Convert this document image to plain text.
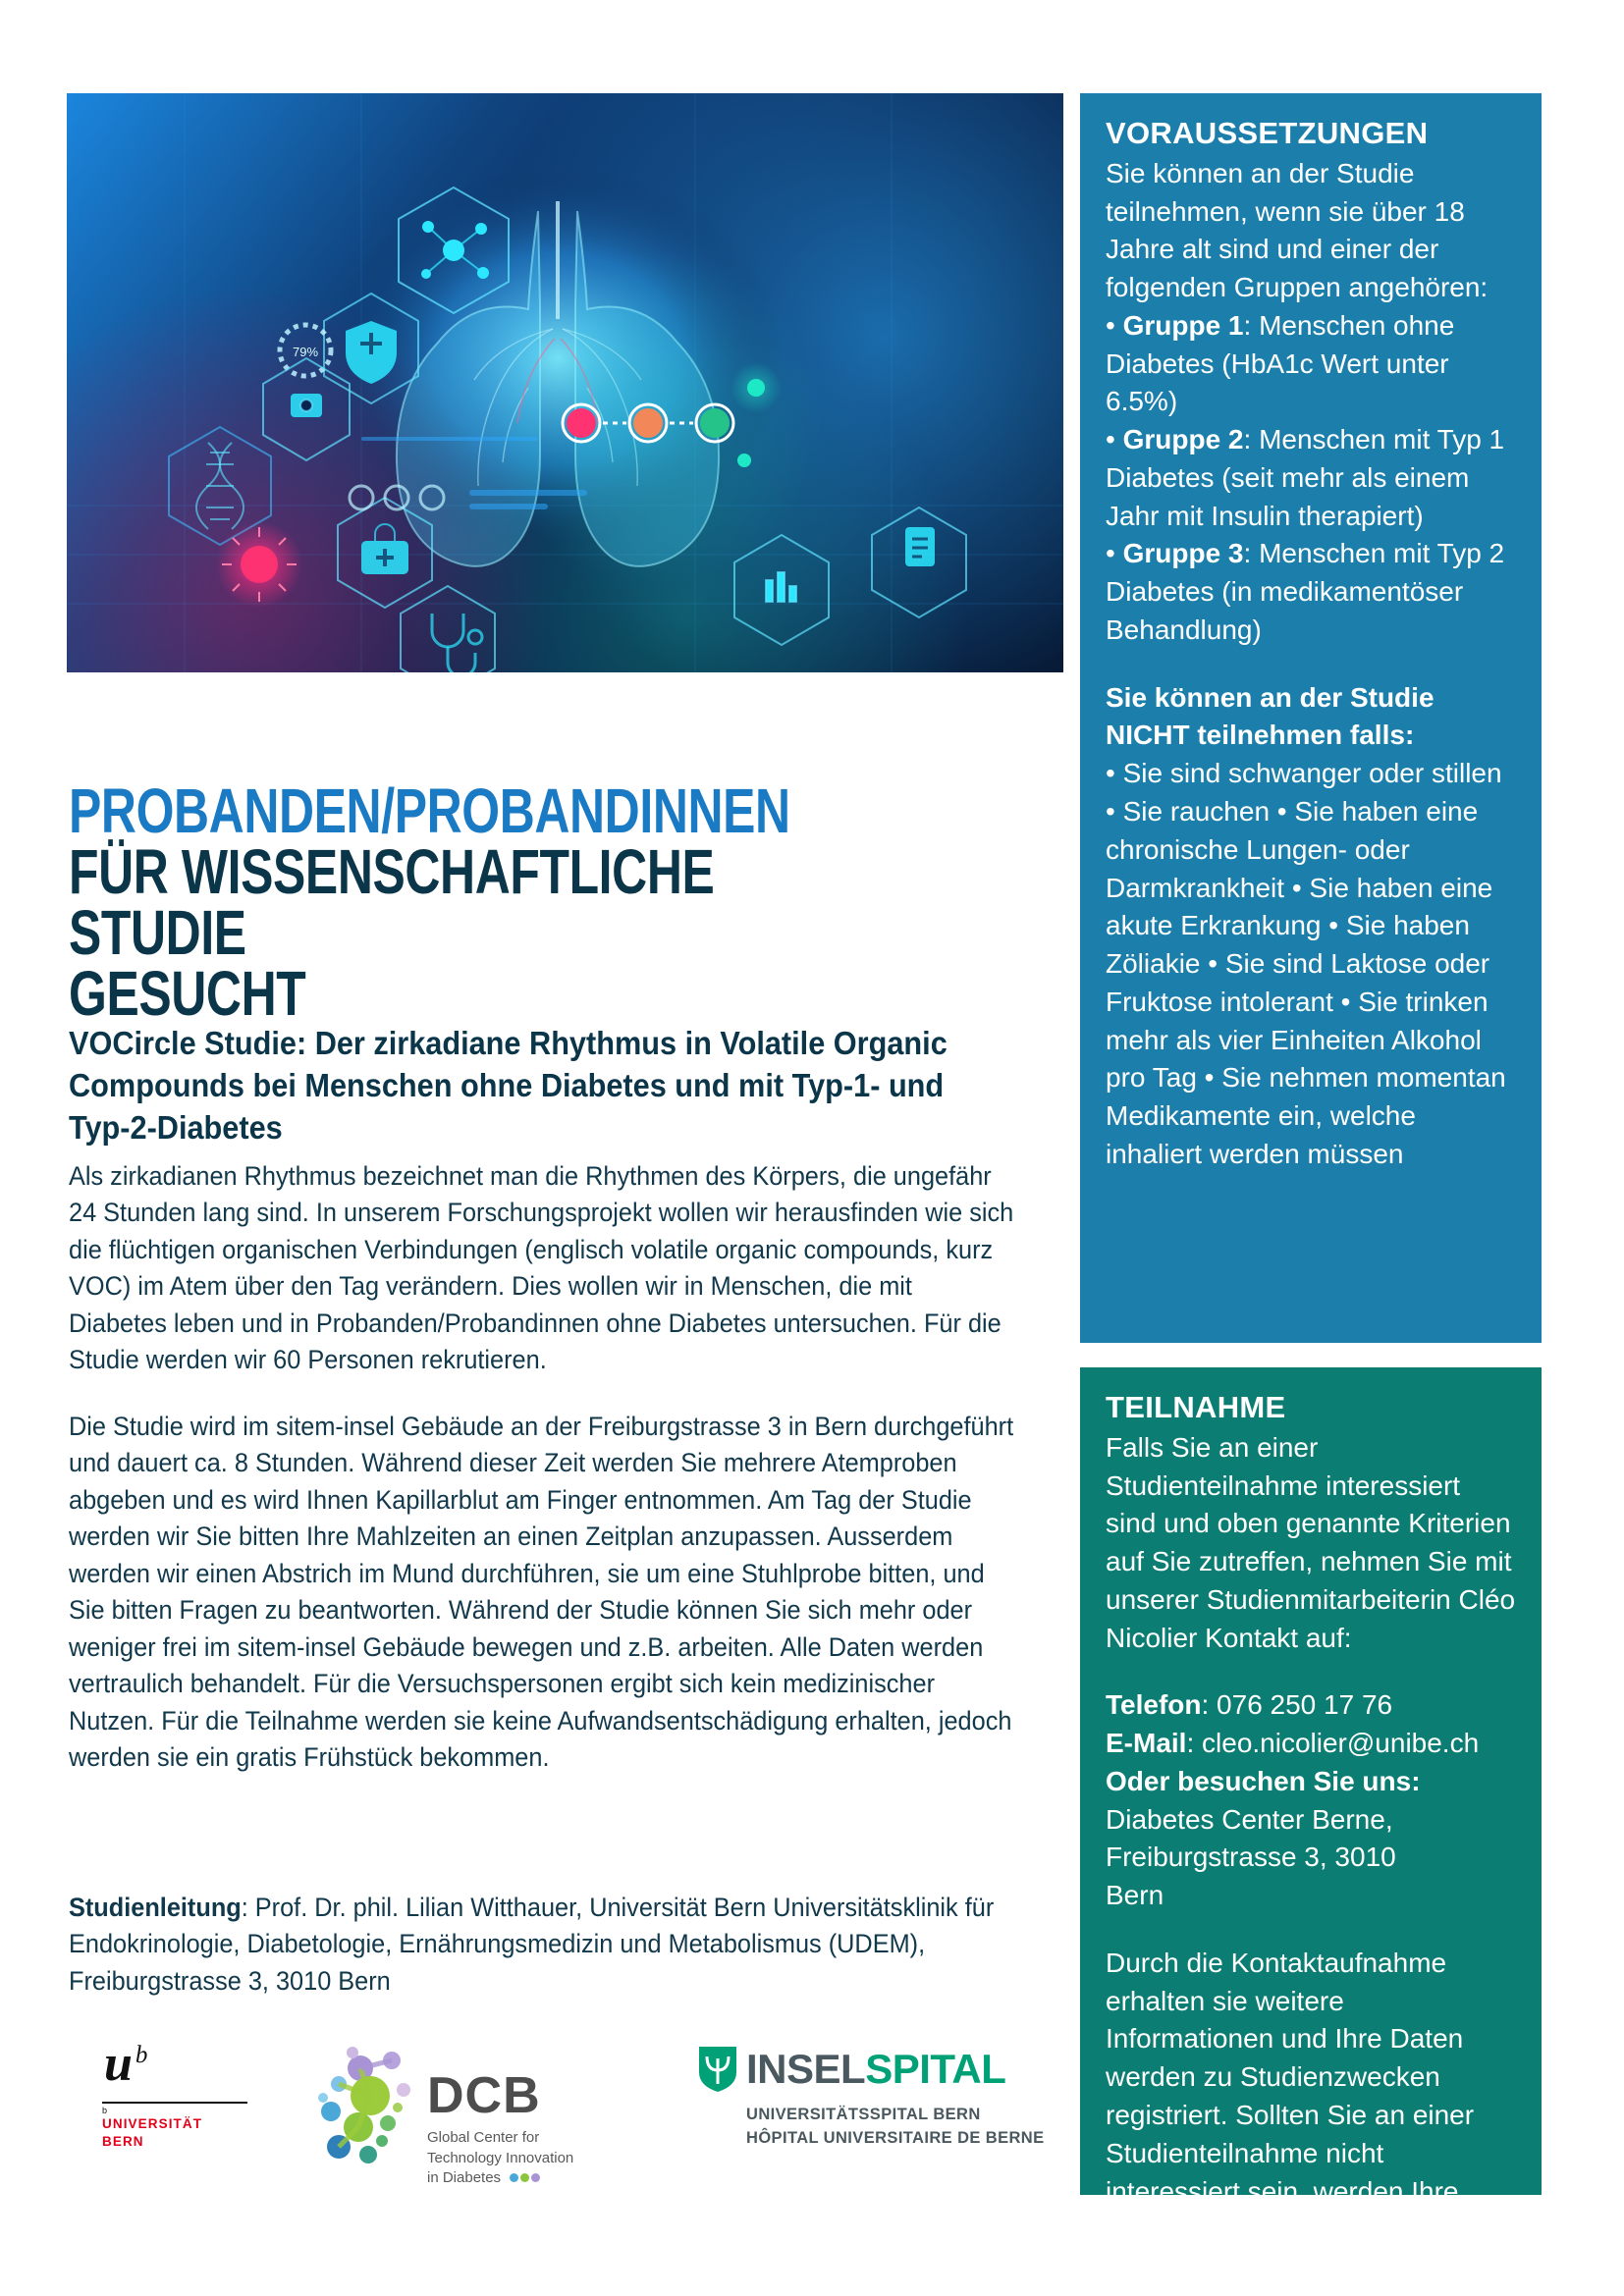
79%
PROBANDEN/PROBANDINNEN
FÜR WISSENSCHAFTLICHE STUDIE
GESUCHT
VOCircle Studie: Der zirkadiane Rhythmus in Volatile Organic Compounds bei Menschen ohne Diabetes und mit Typ-1- und Typ-2-Diabetes

Als zirkadianen Rhythmus bezeichnet man die Rhythmen des Körpers, die ungefähr 24 Stunden lang sind. In unserem Forschungsprojekt wollen wir herausfinden wie sich die flüchtigen organischen Verbindungen (englisch volatile organic compounds, kurz VOC) im Atem über den Tag verändern. Dies wollen wir in Menschen, die mit Diabetes leben und in Probanden/Probandinnen ohne Diabetes untersuchen. Für die Studie werden wir 60 Personen rekrutieren.

Die Studie wird im sitem-insel Gebäude an der Freiburgstrasse 3 in Bern durchgeführt und dauert ca. 8 Stunden. Während dieser Zeit werden Sie mehrere Atemproben abgeben und es wird Ihnen Kapillarblut am Finger entnommen. Am Tag der Studie werden wir Sie bitten Ihre Mahlzeiten an einen Zeitplan anzupassen. Ausserdem werden wir einen Abstrich im Mund durchführen, sie um eine Stuhlprobe bitten, und Sie bitten Fragen zu beantworten. Während der Studie können Sie sich mehr oder weniger frei im sitem-insel Gebäude bewegen und z.B. arbeiten. Alle Daten werden vertraulich behandelt. Für die Versuchspersonen ergibt sich kein medizinischer Nutzen. Für die Teilnahme werden sie keine Aufwandsentschädigung erhalten, jedoch werden sie ein gratis Frühstück bekommen.

Studienleitung: Prof. Dr. phil. Lilian Witthauer, Universität Bern Universitätsklinik für Endokrinologie, Diabetologie, Ernährungsmedizin und Metabolismus (UDEM), Freiburgstrasse 3, 3010 Bern
u $^b$
b
UNIVERSITÄT
BERN
DCB
Global Center for
Technology Innovation
in Diabetes
INSELSPITAL
UNIVERSITÄTSSPITAL BERN
HÔPITAL UNIVERSITAIRE DE BERNE
VORAUSSETZUNGEN

Sie können an der Studie teilnehmen, wenn sie über 18 Jahre alt sind und einer der folgenden Gruppen angehören:

• Gruppe 1: Menschen ohne Diabetes (HbA1c Wert unter 6.5%)
• Gruppe 2: Menschen mit Typ 1 Diabetes (seit mehr als einem Jahr mit Insulin therapiert)
• Gruppe 3: Menschen mit Typ 2 Diabetes (in medikamentöser Behandlung)

Sie können an der Studie NICHT teilnehmen falls:

• Sie sind schwanger oder stillen • Sie rauchen • Sie haben eine chronische Lungen- oder Darmkrankheit • Sie haben eine akute Erkrankung • Sie haben Zöliakie • Sie sind Laktose oder Fruktose intolerant • Sie trinken mehr als vier Einheiten Alkohol pro Tag • Sie nehmen momentan Medikamente ein, welche inhaliert werden müssen

TEILNAHME

Falls Sie an einer Studienteilnahme interessiert sind und oben genannte Kriterien auf Sie zutreffen, nehmen Sie mit unserer Studienmitarbeiterin Cléo Nicolier Kontakt auf:

Telefon: 076 250 17 76
E-Mail: cleo.nicolier@unibe.ch
Oder besuchen Sie uns:
Diabetes Center Berne,
Freiburgstrasse 3, 3010
Bern

Durch die Kontaktaufnahme erhalten sie weitere Informationen und Ihre Daten werden zu Studienzwecken registriert. Sollten Sie an einer Studienteilnahme nicht interessiert sein, werden Ihre Daten unverzüglich gelöscht.
